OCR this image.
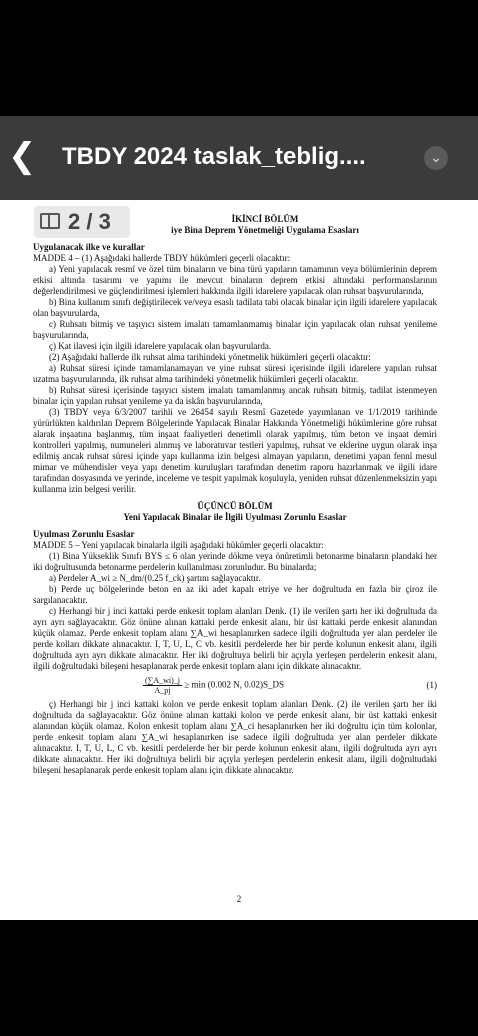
❮ TBDY 2024 taslak_teblig....	⌄
2 / 3	İKİNCİ BÖLÜM
iye Bina Deprem Yönetmeliği Uygulama Esasları
Uygulanacak ilke ve kurallar

MADDE 4 – (1) Aşağıdaki hallerde TBDY hükümleri geçerli olacaktır:

a) Yeni yapılacak resmî ve özel tüm binaların ve bina türü yapıların tamamının veya bölümlerinin deprem etkisi altında tasarımı ve yapımı ile mevcut binaların deprem etkisi altındaki performanslarının değerlendirilmesi ve güçlendirilmesi işlemleri hakkında ilgili idarelere yapılacak olan ruhsat başvurularında,

b) Bina kullanım sınıfı değiştirilecek ve/veya esaslı tadilata tabi olacak binalar için ilgili idarelere yapılacak olan başvurularda,

c) Ruhsatı bitmiş ve taşıyıcı sistem imalatı tamamlanmamış binalar için yapılacak olan ruhsat yenileme başvurularında,

ç) Kat ilavesi için ilgili idarelere yapılacak olan başvurularda.

(2) Aşağıdaki hallerde ilk ruhsat alma tarihindeki yönetmelik hükümleri geçerli olacaktır:

a) Ruhsat süresi içinde tamamlanamayan ve yine ruhsat süresi içerisinde ilgili idarelere yapılan ruhsat uzatma başvurularında, ilk ruhsat alma tarihindeki yönetmelik hükümleri geçerli olacaktır.

b) Ruhsat süresi içerisinde taşıyıcı sistem imalatı tamamlanmış ancak ruhsatı bitmiş, tadilat istenmeyen binalar için yapılan ruhsat yenileme ya da iskân başvurularında,

(3) TBDY veya 6/3/2007 tarihli ve 26454 sayılı Resmî Gazetede yayımlanan ve 1/1/2019 tarihinde yürürlükten kaldırılan Deprem Bölgelerinde Yapılacak Binalar Hakkında Yönetmeliği hükümlerine göre ruhsat alarak inşaatına başlanmış, tüm inşaat faaliyetleri denetimli olarak yapılmış, tüm beton ve inşaat demiri kontrolleri yapılmış, numuneleri alınmış ve laboratuvar testleri yapılmış, ruhsat ve eklerine uygun olarak inşa edilmiş ancak ruhsat süresi içinde yapı kullanma izin belgesi almayan yapıların, denetimi yapan fennî mesul mimar ve mühendisler veya yapı denetim kuruluşları tarafından denetim raporu hazırlanmak ve ilgili idare tarafından dosyasında ve yerinde, inceleme ve tespit yapılmak koşuluyla, yeniden ruhsat düzenlenmeksizin yapı kullanma izin belgesi verilir.

ÜÇÜNCÜ BÖLÜM
Yeni Yapılacak Binalar ile İlgili Uyulması Zorunlu Esaslar
Uyulması Zorunlu Esaslar

MADDE 5 – Yeni yapılacak binalarla ilgili aşağıdaki hükümler geçerli olacaktır:

(1) Bina Yükseklik Sınıfı BYS ≤ 6 olan yerinde dökme veya önüretimli betonarme binaların plandaki her iki doğrultusunda betonarme perdelerin kullanılması zorunludur. Bu binalarda;

a) Perdeler A_wi ≥ N_dm/(0.25 f_ck) şartını sağlayacaktır.

b) Perde uç bölgelerinde beton en az iki adet kapalı etriye ve her doğrultuda en fazla bir çiroz ile sargılanacaktır.

c) Herhangi bir j inci kattaki perde enkesit toplam alanları Denk. (1) ile verilen şartı her iki doğrultuda da ayrı ayrı sağlayacaktır. Göz önüne alınan kattaki perde enkesit alanı, bir üst kattaki perde enkesit alanından küçük olamaz. Perde enkesit toplam alanı ∑A_wi hesaplanırken sadece ilgili doğrultuda yer alan perdeler ile perde kolları dikkate alınacaktır. I, T, U, L, C vb. kesitli perdelerde her bir perde kolunun enkesit alanı, ilgili doğrultuda ayrı ayrı dikkate alınacaktır. Her iki doğrultuya belirli bir açıyla yerleşen perdelerin enkesit alanı, ilgili doğrultudaki bileşeni hesaplanarak perde enkesit toplam alanı için dikkate alınacaktır.

$\frac{(\sum A\_wi)\_j}{A\_pj} \ge \min (0.002$ N, 0.02)S_DS	(1)

ç) Herhangi bir j inci kattaki kolon ve perde enkesit toplam alanları Denk. (2) ile verilen şartı her iki doğrultuda da sağlayacaktır. Göz önüne alınan kattaki kolon ve perde enkesit alanı, bir üst kattaki enkesit alanından küçük olamaz. Kolon enkesit toplam alanı ∑A_ci hesaplanırken her iki doğrultu için tüm kolonlar, perde enkesit toplam alanı ∑A_wi hesaplanırken ise sadece ilgili doğrultuda yer alan perdeler dikkate alınacaktır. I, T, U, L, C vb. kesitli perdelerde her bir perde kolunun enkesit alanı, ilgili doğrultuda ayrı ayrı dikkate alınacaktır. Her iki doğrultuya belirli bir açıyla yerleşen perdelerin enkesit alanı, ilgili doğrultudaki bileşeni hesaplanarak perde enkesit toplam alanı için dikkate alınacaktır.

2
